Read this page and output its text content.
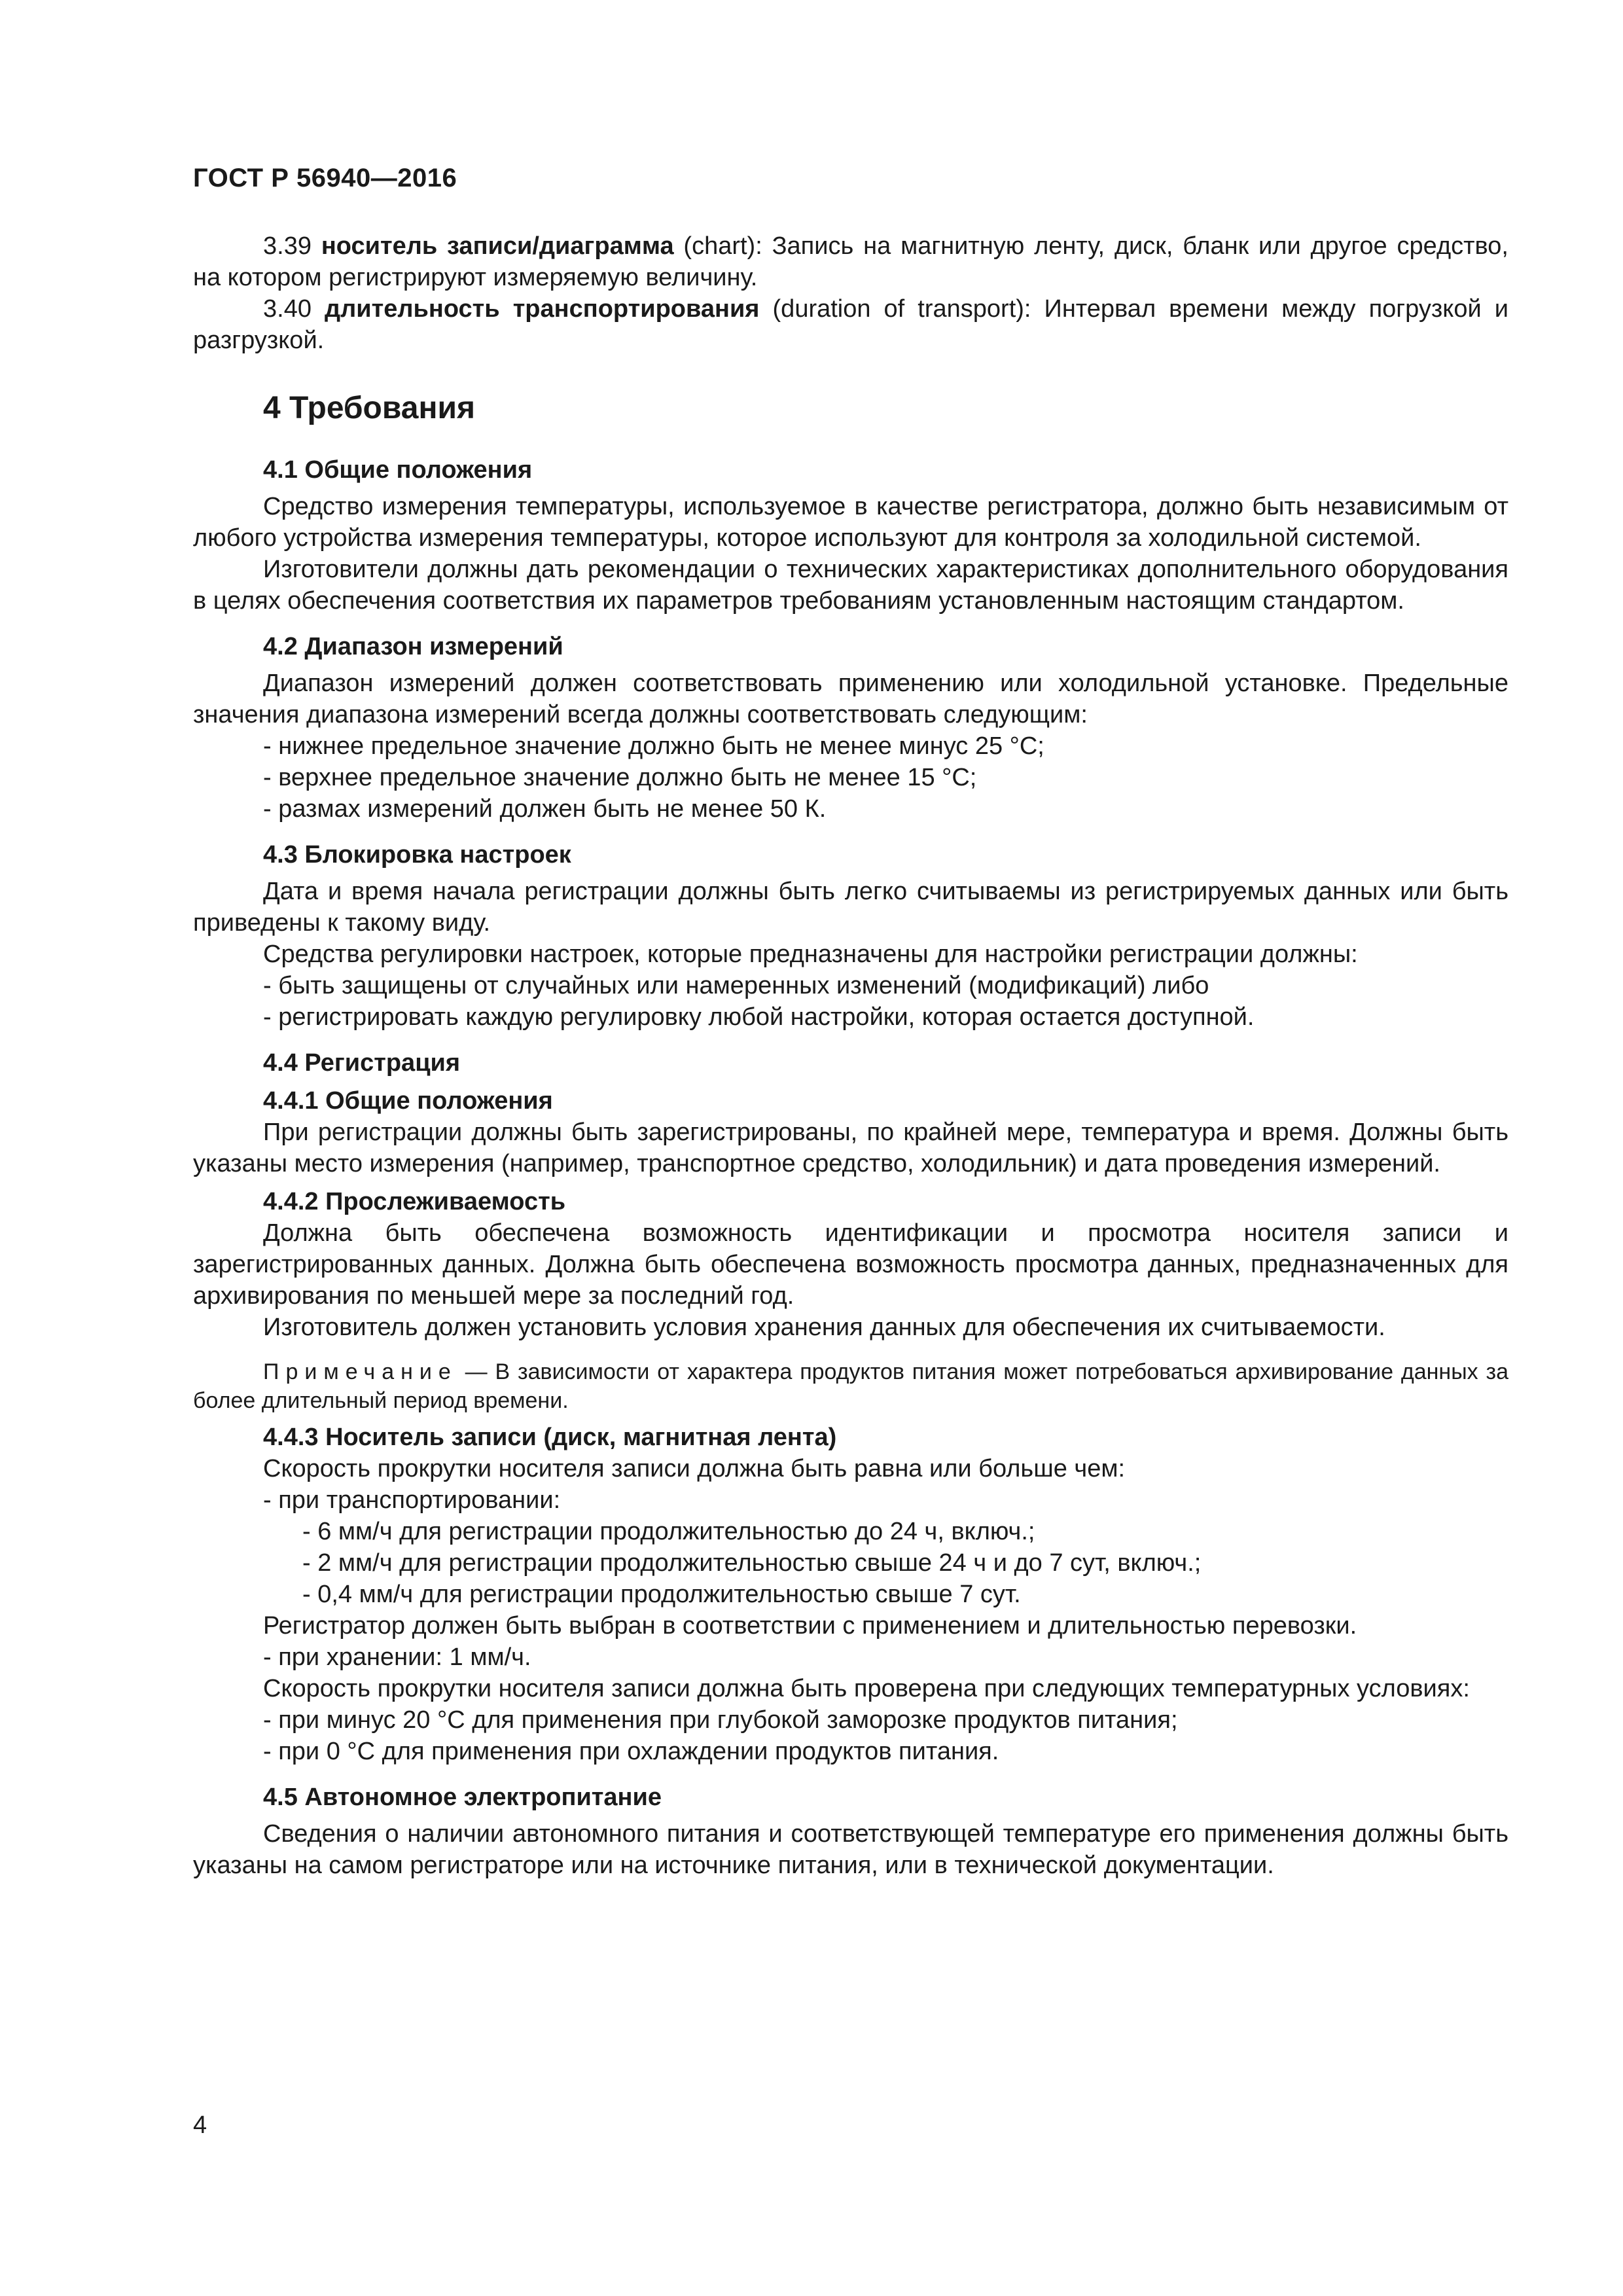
ГОСТ Р 56940—2016

3.39 носитель записи/диаграмма (chart): Запись на магнитную ленту, диск, бланк или другое средство, на котором регистрируют измеряемую величину.

3.40 длительность транспортирования (duration of transport): Интервал времени между погрузкой и разгрузкой.

4 Требования

4.1 Общие положения

Средство измерения температуры, используемое в качестве регистратора, должно быть независимым от любого устройства измерения температуры, которое используют для контроля за холодильной системой.

Изготовители должны дать рекомендации о технических характеристиках дополнительного оборудования в целях обеспечения соответствия их параметров требованиям установленным настоящим стандартом.

4.2 Диапазон измерений

Диапазон измерений должен соответствовать применению или холодильной установке. Предельные значения диапазона измерений всегда должны соответствовать следующим:

- нижнее предельное значение должно быть не менее минус 25 °С;

- верхнее предельное значение должно быть не менее 15 °С;

- размах измерений должен быть не менее 50 К.

4.3 Блокировка настроек

Дата и время начала регистрации должны быть легко считываемы из регистрируемых данных или быть приведены к такому виду.

Средства регулировки настроек, которые предназначены для настройки регистрации должны:

- быть защищены от случайных или намеренных изменений (модификаций) либо

- регистрировать каждую регулировку любой настройки, которая остается доступной.

4.4 Регистрация

4.4.1 Общие положения

При регистрации должны быть зарегистрированы, по крайней мере, температура и время. Должны быть указаны место измерения (например, транспортное средство, холодильник) и дата проведения измерений.

4.4.2 Прослеживаемость

Должна быть обеспечена возможность идентификации и просмотра носителя записи и зарегистрированных данных. Должна быть обеспечена возможность просмотра данных, предназначенных для архивирования по меньшей мере за последний год.

Изготовитель должен установить условия хранения данных для обеспечения их считываемости.

Примечание — В зависимости от характера продуктов питания может потребоваться архивирование данных за более длительный период времени.

4.4.3 Носитель записи (диск, магнитная лента)

Скорость прокрутки носителя записи должна быть равна или больше чем:

- при транспортировании:

- 6 мм/ч для регистрации продолжительностью до 24 ч, включ.;

- 2 мм/ч для регистрации продолжительностью свыше 24 ч и до 7 сут, включ.;

- 0,4 мм/ч для регистрации продолжительностью свыше 7 сут.

Регистратор должен быть выбран в соответствии с применением и длительностью перевозки.

- при хранении: 1 мм/ч.

Скорость прокрутки носителя записи должна быть проверена при следующих температурных условиях:

- при минус 20 °С для применения при глубокой заморозке продуктов питания;

- при 0 °С для применения при охлаждении продуктов питания.

4.5 Автономное электропитание

Сведения о наличии автономного питания и соответствующей температуре его применения должны быть указаны на самом регистраторе или на источнике питания, или в технической документации.

4
